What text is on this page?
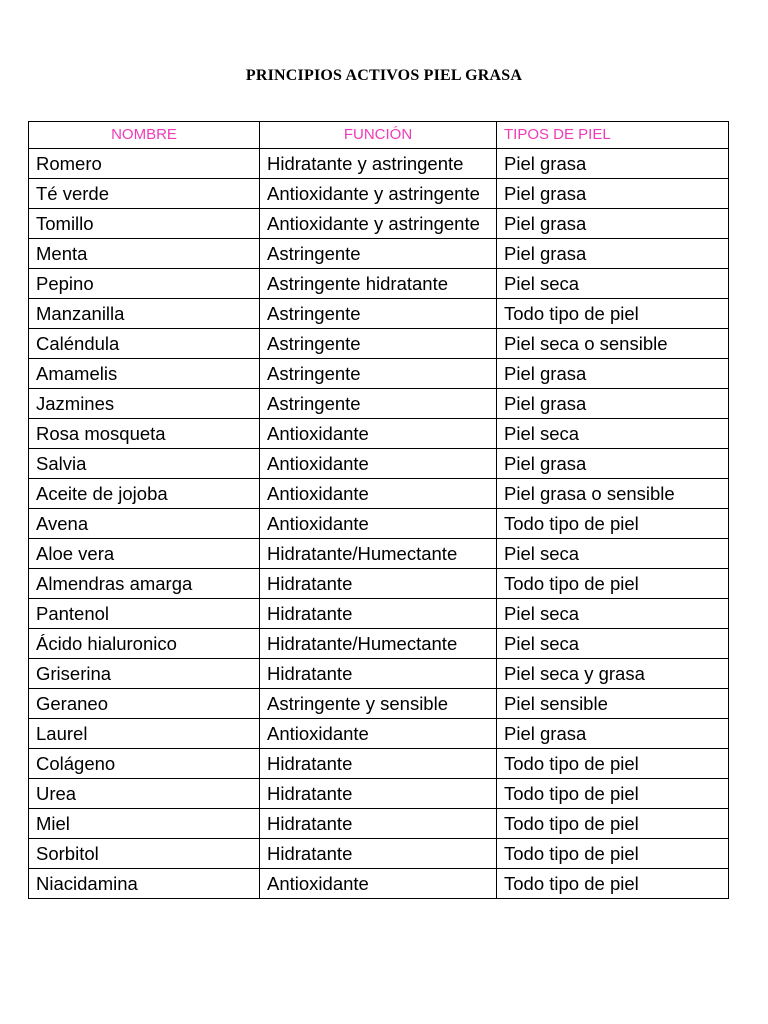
PRINCIPIOS ACTIVOS PIEL GRASA
NOMBRE	FUNCIÓN	TIPOS DE PIEL
Romero	Hidratante y astringente	Piel grasa
Té verde	Antioxidante y astringente	Piel grasa
Tomillo	Antioxidante y astringente	Piel grasa
Menta	Astringente	Piel grasa
Pepino	Astringente hidratante	Piel seca
Manzanilla	Astringente	Todo tipo de piel
Caléndula	Astringente	Piel seca o sensible
Amamelis	Astringente	Piel grasa
Jazmines	Astringente	Piel grasa
Rosa mosqueta	Antioxidante	Piel seca
Salvia	Antioxidante	Piel grasa
Aceite de jojoba	Antioxidante	Piel grasa o sensible
Avena	Antioxidante	Todo tipo de piel
Aloe vera	Hidratante/Humectante	Piel seca
Almendras amarga	Hidratante	Todo tipo de piel
Pantenol	Hidratante	Piel seca
Ácido hialuronico	Hidratante/Humectante	Piel seca
Griserina	Hidratante	Piel seca y grasa
Geraneo	Astringente y sensible	Piel sensible
Laurel	Antioxidante	Piel grasa
Colágeno	Hidratante	Todo tipo de piel
Urea	Hidratante	Todo tipo de piel
Miel	Hidratante	Todo tipo de piel
Sorbitol	Hidratante	Todo tipo de piel
Niacidamina	Antioxidante	Todo tipo de piel
